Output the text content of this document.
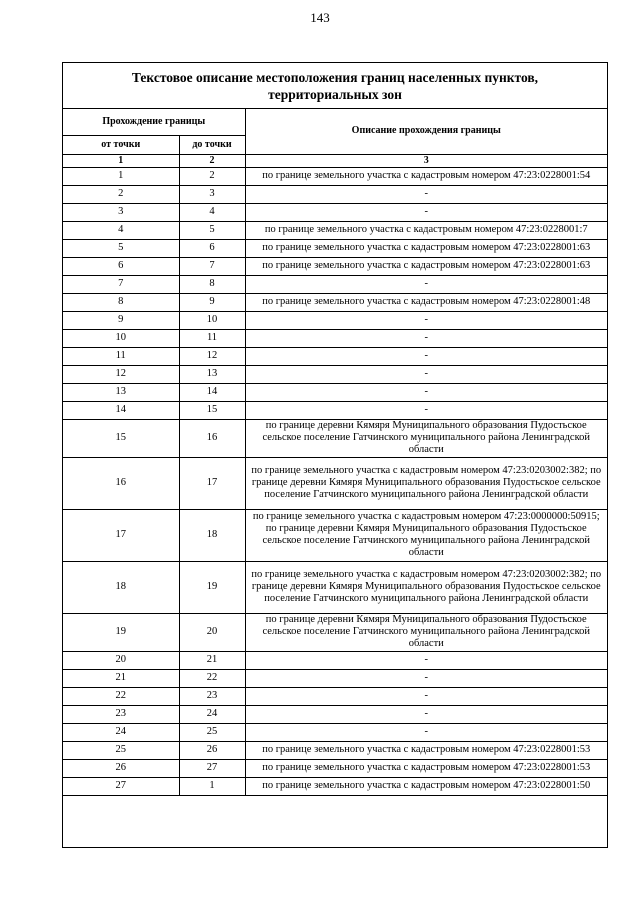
143
Текстовое описание местоположения границ населенных пунктов,
территориальных зон
Прохождение границы		Описание прохождения границы
от точки	до точки	
1	2	3
1	2	по границе земельного участка с кадастровым номером 47:23:0228001:54
2	3	-
3	4	-
4	5	по границе земельного участка с кадастровым номером 47:23:0228001:7
5	6	по границе земельного участка с кадастровым номером 47:23:0228001:63
6	7	по границе земельного участка с кадастровым номером 47:23:0228001:63
7	8	-
8	9	по границе земельного участка с кадастровым номером 47:23:0228001:48
9	10	-
10	11	-
11	12	-
12	13	-
13	14	-
14	15	-
15	16	по границе деревни Кямяря Муниципального образования Пудостьское сельское поселение Гатчинского муниципального района Ленинградской области
16	17	по границе земельного участка с кадастровым номером 47:23:0203002:382; по границе деревни Кямяря Муниципального образования Пудостьское сельское поселение Гатчинского муниципального района Ленинградской области
17	18	по границе земельного участка с кадастровым номером 47:23:0000000:50915; по границе деревни Кямяря Муниципального образования Пудостьское сельское поселение Гатчинского муниципального района Ленинградской области
18	19	по границе земельного участка с кадастровым номером 47:23:0203002:382; по границе деревни Кямяря Муниципального образования Пудостьское сельское поселение Гатчинского муниципального района Ленинградской области
19	20	по границе деревни Кямяря Муниципального образования Пудостьское сельское поселение Гатчинского муниципального района Ленинградской области
20	21	-
21	22	-
22	23	-
23	24	-
24	25	-
25	26	по границе земельного участка с кадастровым номером 47:23:0228001:53
26	27	по границе земельного участка с кадастровым номером 47:23:0228001:53
27	1	по границе земельного участка с кадастровым номером 47:23:0228001:50
